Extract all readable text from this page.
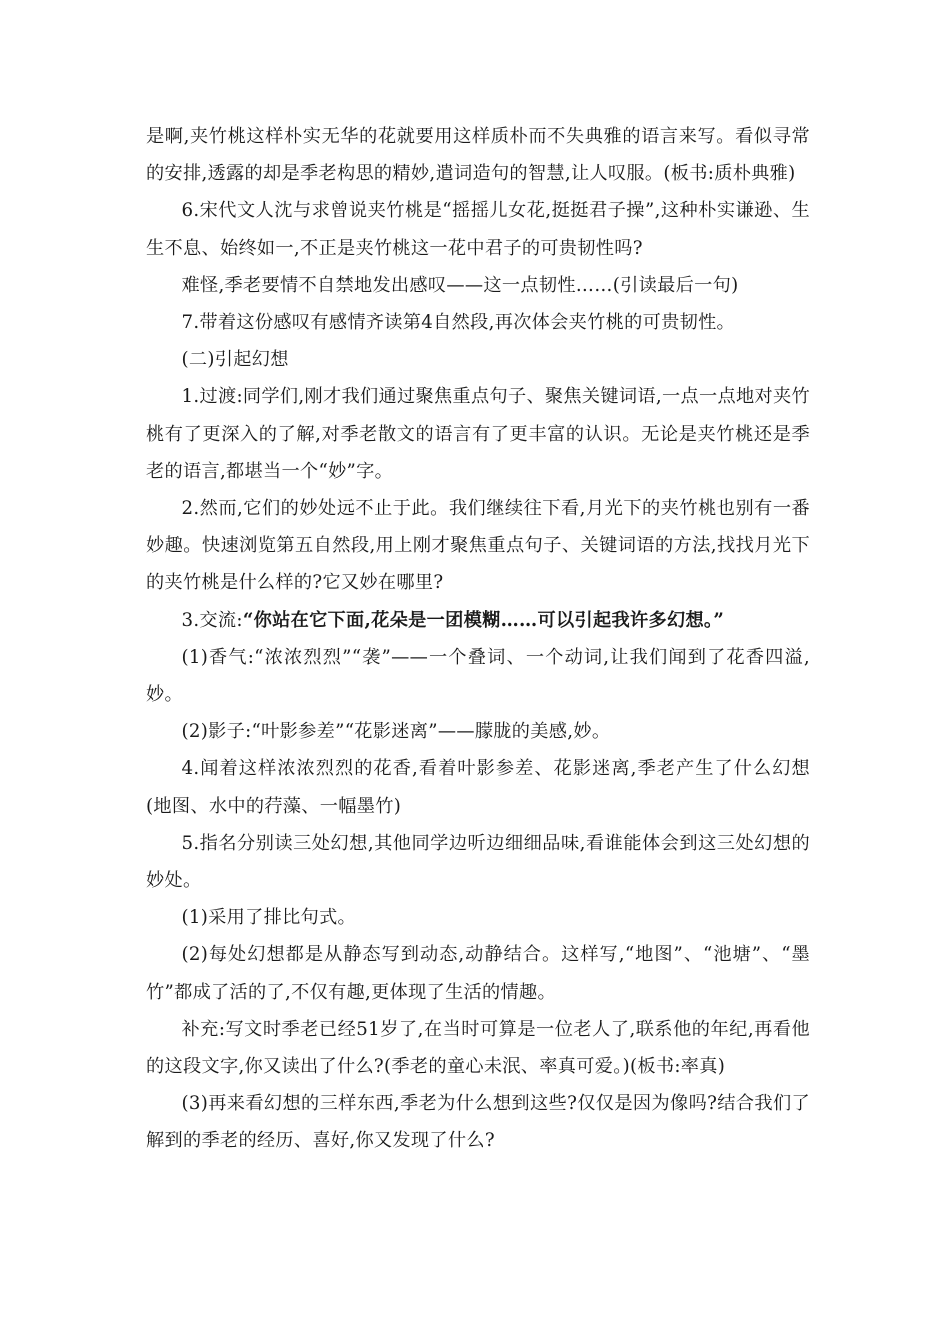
是啊,夹竹桃这样朴实无华的花就要用这样质朴而不失典雅的语言来写。看似寻常的安排,透露的却是季老构思的精妙,遣词造句的智慧,让人叹服。(板书:质朴典雅)

6.宋代文人沈与求曾说夹竹桃是“摇摇儿女花,挺挺君子操”,这种朴实谦逊、生生不息、始终如一,不正是夹竹桃这一花中君子的可贵韧性吗?

难怪,季老要情不自禁地发出感叹——这一点韧性……(引读最后一句)

7.带着这份感叹有感情齐读第4自然段,再次体会夹竹桃的可贵韧性。

(二)引起幻想

1.过渡:同学们,刚才我们通过聚焦重点句子、聚焦关键词语,一点一点地对夹竹桃有了更深入的了解,对季老散文的语言有了更丰富的认识。无论是夹竹桃还是季老的语言,都堪当一个“妙”字。

2.然而,它们的妙处远不止于此。我们继续往下看,月光下的夹竹桃也别有一番妙趣。快速浏览第五自然段,用上刚才聚焦重点句子、关键词语的方法,找找月光下的夹竹桃是什么样的?它又妙在哪里?

3.交流:“你站在它下面,花朵是一团模糊……可以引起我许多幻想。”

(1)香气:“浓浓烈烈”“袭”——一个叠词、一个动词,让我们闻到了花香四溢,妙。

(2)影子:“叶影参差”“花影迷离”——朦胧的美感,妙。

4.闻着这样浓浓烈烈的花香,看着叶影参差、花影迷离,季老产生了什么幻想(地图、水中的荇藻、一幅墨竹)

5.指名分别读三处幻想,其他同学边听边细细品味,看谁能体会到这三处幻想的妙处。

(1)采用了排比句式。

(2)每处幻想都是从静态写到动态,动静结合。这样写,“地图”、“池塘”、“墨竹”都成了活的了,不仅有趣,更体现了生活的情趣。

补充:写文时季老已经51岁了,在当时可算是一位老人了,联系他的年纪,再看他的这段文字,你又读出了什么?(季老的童心未泯、率真可爱。)(板书:率真)

(3)再来看幻想的三样东西,季老为什么想到这些?仅仅是因为像吗?结合我们了解到的季老的经历、喜好,你又发现了什么?
